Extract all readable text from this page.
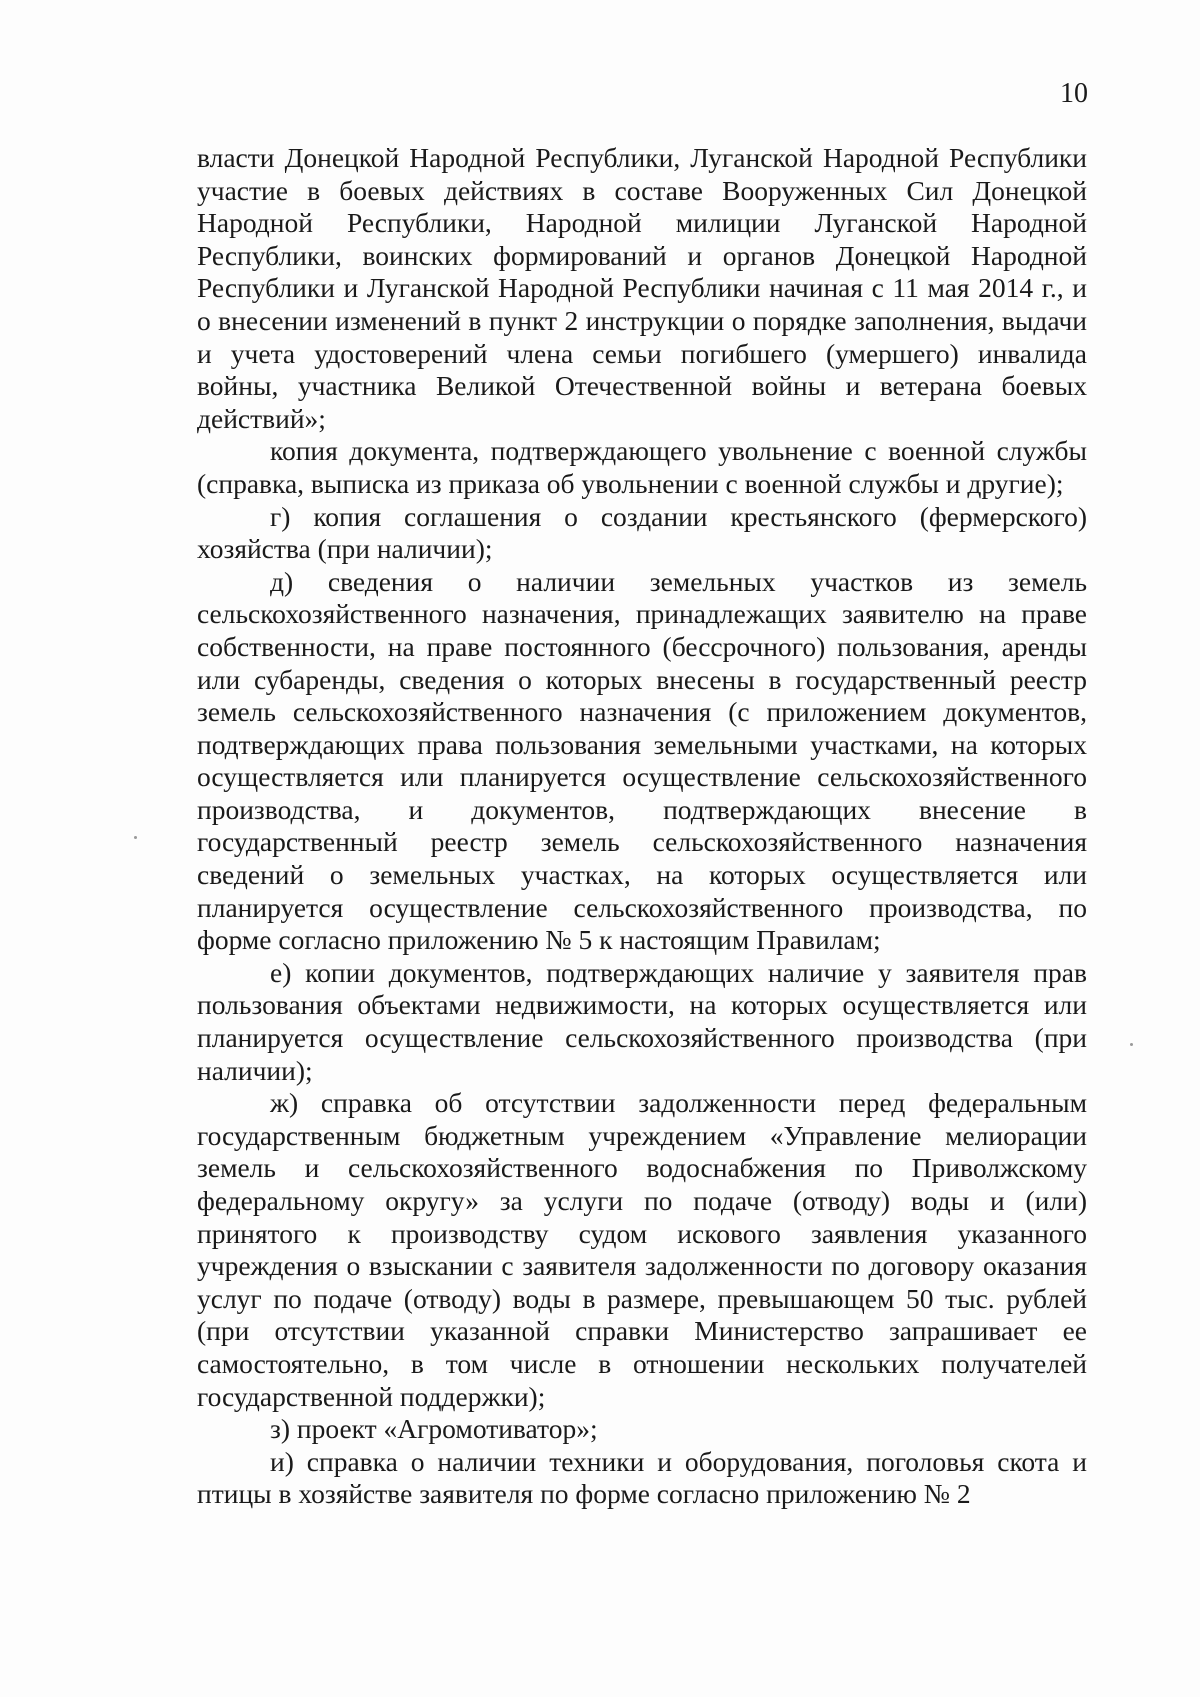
10

власти Донецкой Народной Республики, Луганской Народной Республики участие в боевых действиях в составе Вооруженных Сил Донецкой Народной Республики, Народной милиции Луганской Народной Республики, воинских формирований и органов Донецкой Народной Республики и Луганской Народной Республики начиная с 11 мая 2014 г., и о внесении изменений в пункт 2 инструкции о порядке заполнения, выдачи и учета удостоверений члена семьи погибшего (умершего) инвалида войны, участника Великой Отечественной войны и ветерана боевых действий»;

копия документа, подтверждающего увольнение с военной службы (справка, выписка из приказа об увольнении с военной службы и другие);

г) копия соглашения о создании крестьянского (фермерского) хозяйства (при наличии);

д) сведения о наличии земельных участков из земель сельскохозяйственного назначения, принадлежащих заявителю на праве собственности, на праве постоянного (бессрочного) пользования, аренды или субаренды, сведения о которых внесены в государственный реестр земель сельскохозяйственного назначения (с приложением документов, подтверждающих права пользования земельными участками, на которых осуществляется или планируется осуществление сельскохозяйственного производства, и документов, подтверждающих внесение в государственный реестр земель сельскохозяйственного назначения сведений о земельных участках, на которых осуществляется или планируется осуществление сельскохозяйственного производства, по форме согласно приложению № 5 к настоящим Правилам;

е) копии документов, подтверждающих наличие у заявителя прав пользования объектами недвижимости, на которых осуществляется или планируется осуществление сельскохозяйственного производства (при наличии);

ж) справка об отсутствии задолженности перед федеральным государственным бюджетным учреждением «Управление мелиорации земель и сельскохозяйственного водоснабжения по Приволжскому федеральному округу» за услуги по подаче (отводу) воды и (или) принятого к производству судом искового заявления указанного учреждения о взыскании с заявителя задолженности по договору оказания услуг по подаче (отводу) воды в размере, превышающем 50 тыс. рублей (при отсутствии указанной справки Министерство запрашивает ее самостоятельно, в том числе в отношении нескольких получателей государственной поддержки);

з) проект «Агромотиватор»;

и) справка о наличии техники и оборудования, поголовья скота и птицы в хозяйстве заявителя по форме согласно приложению № 2
